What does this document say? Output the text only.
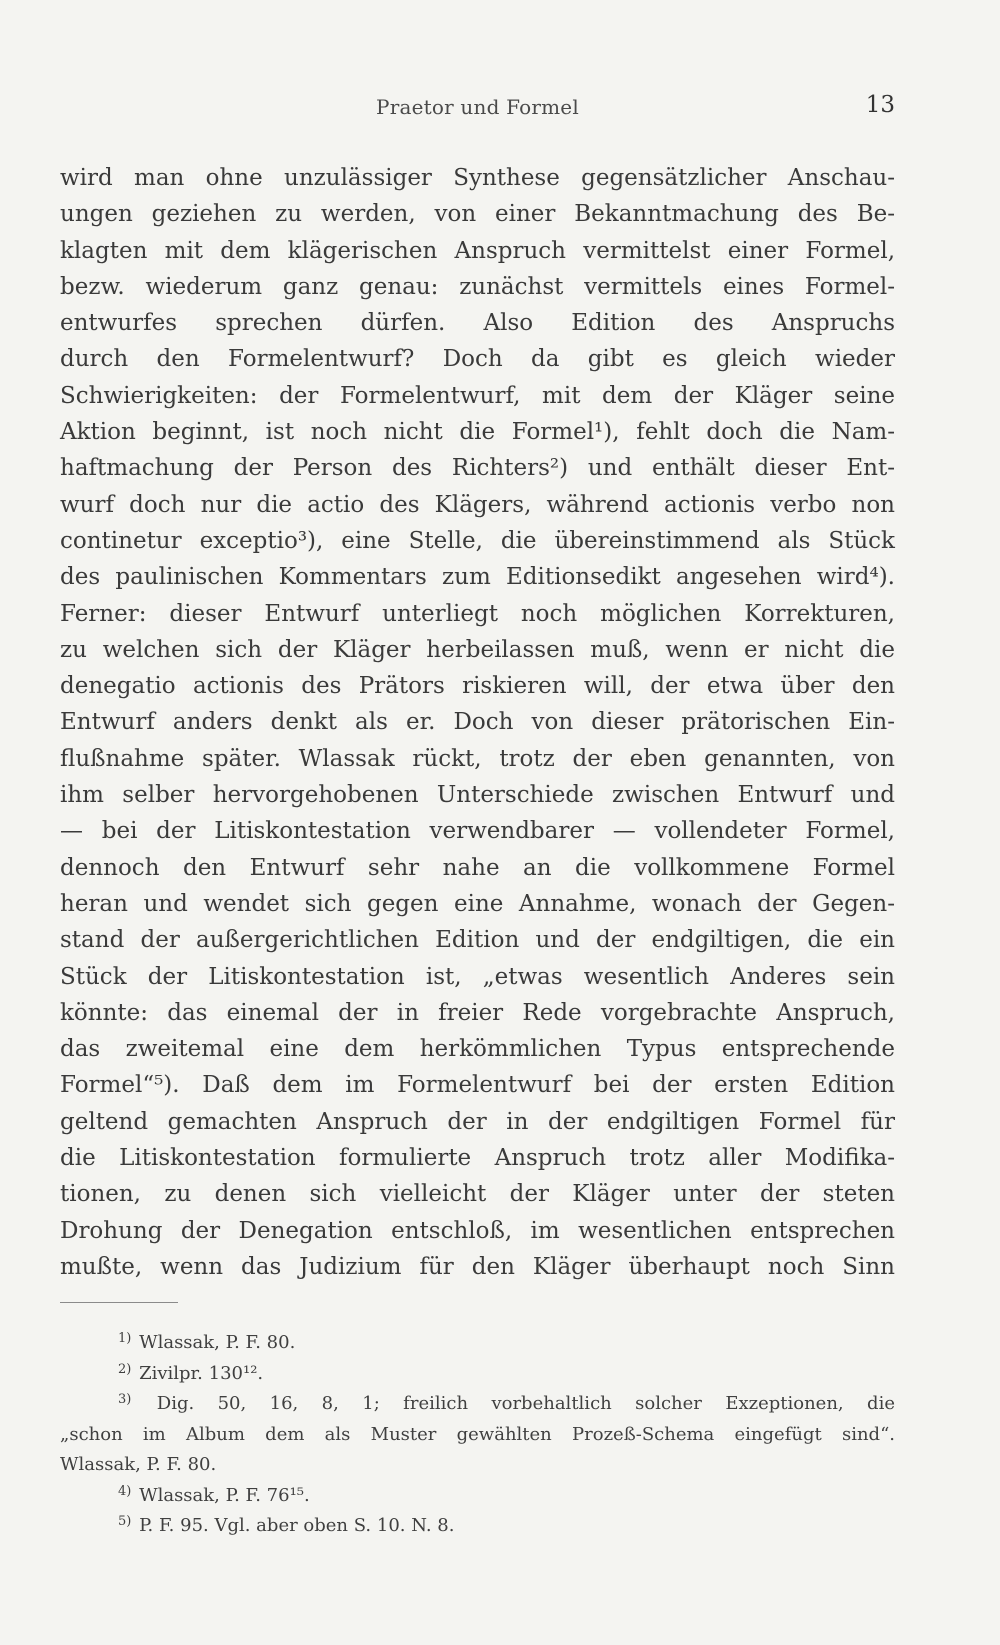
Praetor und Formel	13
wird man ohne unzulässiger Synthese gegensätzlicher Anschau-
ungen geziehen zu werden, von einer Bekanntmachung des Be-
klagten mit dem klägerischen Anspruch vermittelst einer Formel,
bezw. wiederum ganz genau: zunächst vermittels eines Formel-
entwurfes sprechen dürfen. Also Edition des Anspruchs
durch den Formelentwurf? Doch da gibt es gleich wieder
Schwierigkeiten: der Formelentwurf, mit dem der Kläger seine
Aktion beginnt, ist noch nicht die Formel¹), fehlt doch die Nam-
haftmachung der Person des Richters²) und enthält dieser Ent-
wurf doch nur die actio des Klägers, während actionis verbo non
continetur exceptio³), eine Stelle, die übereinstimmend als Stück
des paulinischen Kommentars zum Editionsedikt angesehen wird⁴).
Ferner: dieser Entwurf unterliegt noch möglichen Korrekturen,
zu welchen sich der Kläger herbeilassen muß, wenn er nicht die
denegatio actionis des Prätors riskieren will, der etwa über den
Entwurf anders denkt als er. Doch von dieser prätorischen Ein-
flußnahme später. Wlassak rückt, trotz der eben genannten, von
ihm selber hervorgehobenen Unterschiede zwischen Entwurf und
— bei der Litiskontestation verwendbarer — vollendeter Formel,
dennoch den Entwurf sehr nahe an die vollkommene Formel
heran und wendet sich gegen eine Annahme, wonach der Gegen-
stand der außergerichtlichen Edition und der endgiltigen, die ein
Stück der Litiskontestation ist, „etwas wesentlich Anderes sein
könnte: das einemal der in freier Rede vorgebrachte Anspruch,
das zweitemal eine dem herkömmlichen Typus entsprechende
Formel“⁵). Daß dem im Formelentwurf bei der ersten Edition
geltend gemachten Anspruch der in der endgiltigen Formel für
die Litiskontestation formulierte Anspruch trotz aller Modifika-
tionen, zu denen sich vielleicht der Kläger unter der steten
Drohung der Denegation entschloß, im wesentlichen entsprechen
mußte, wenn das Judizium für den Kläger überhaupt noch Sinn
$^{1)}$ Wlassak, P. F. 80.
$^{2)}$ Zivilpr. 130¹².
$^{3)}$ Dig. 50, 16, 8, 1; freilich vorbehaltlich solcher Exzeptionen, die
„schon im Album dem als Muster gewählten Prozeß-Schema eingefügt sind“.
Wlassak, P. F. 80.
$^{4)}$ Wlassak, P. F. 76¹⁵.
$^{5)}$ P. F. 95. Vgl. aber oben S. 10. N. 8.
